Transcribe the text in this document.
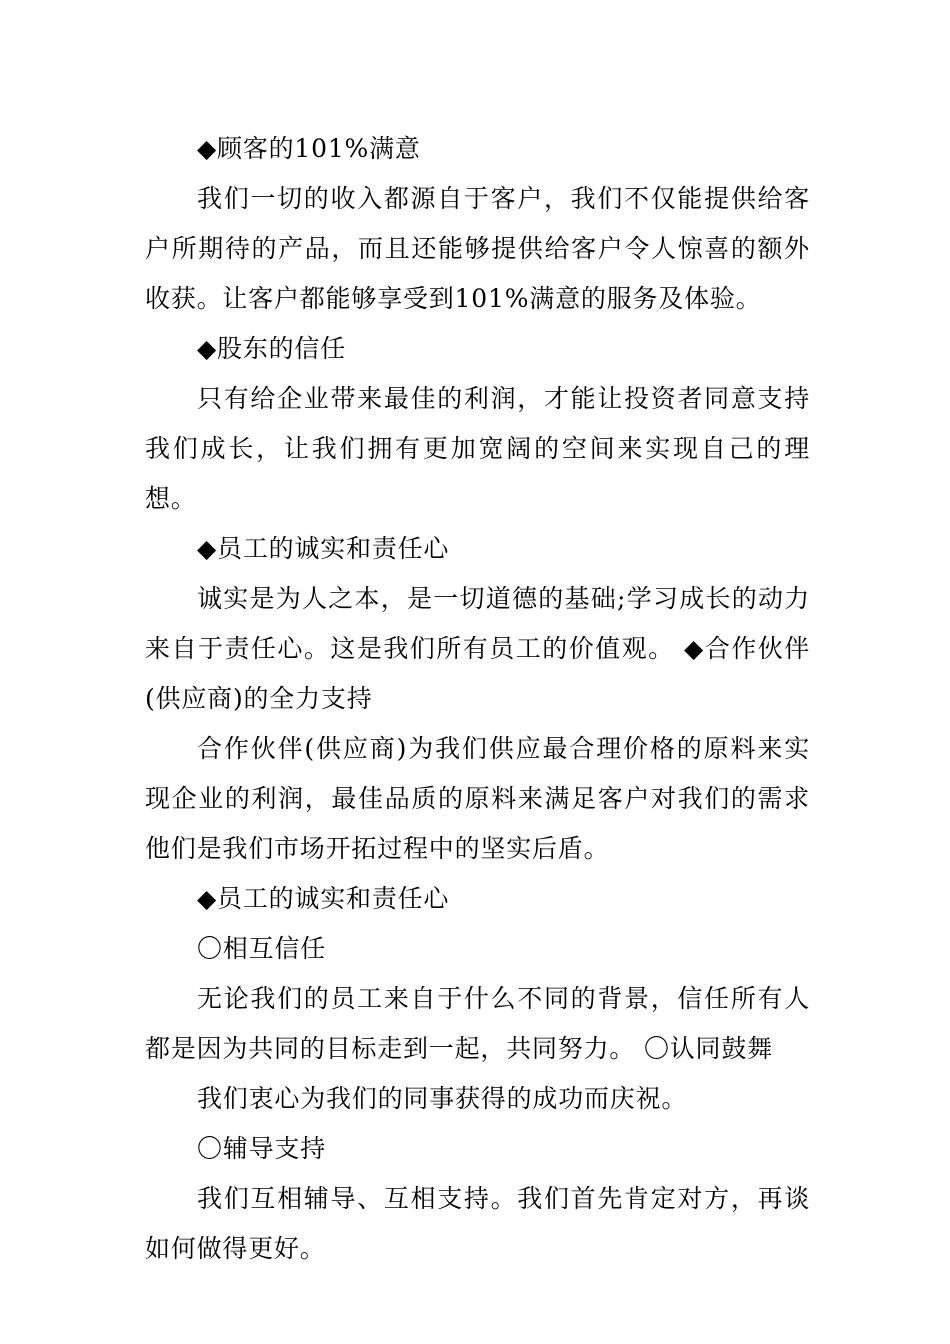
◆顾客的101%满意

我们一切的收入都源自于客户，我们不仅能提供给客户所期待的产品，而且还能够提供给客户令人惊喜的额外收获。让客户都能够享受到101%满意的服务及体验。

◆股东的信任

只有给企业带来最佳的利润，才能让投资者同意支持我们成长，让我们拥有更加宽阔的空间来实现自己的理想。

◆员工的诚实和责任心

诚实是为人之本，是一切道德的基础;学习成长的动力来自于责任心。这是我们所有员工的价值观。 ◆合作伙伴(供应商)的全力支持

合作伙伴(供应商)为我们供应最合理价格的原料来实现企业的利润，最佳品质的原料来满足客户对我们的需求他们是我们市场开拓过程中的坚实后盾。

◆员工的诚实和责任心

〇相互信任

无论我们的员工来自于什么不同的背景，信任所有人都是因为共同的目标走到一起，共同努力。 〇认同鼓舞

我们衷心为我们的同事获得的成功而庆祝。

〇辅导支持

我们互相辅导、互相支持。我们首先肯定对方，再谈如何做得更好。
